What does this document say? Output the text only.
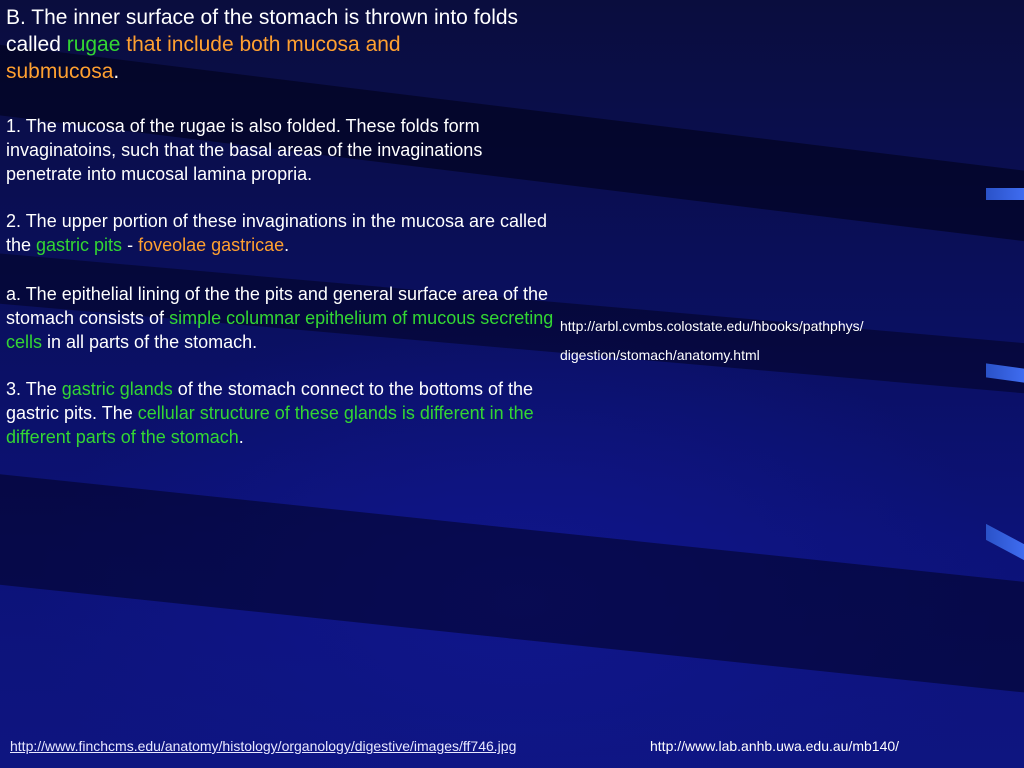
B. The inner surface of the stomach is thrown into folds called rugae that include both mucosa and
submucosa.
1. The mucosa of the rugae is also folded. These folds form invaginatoins, such that the basal areas of the invaginations penetrate into mucosal lamina propria.
2. The upper portion of these invaginations in the mucosa are called the gastric pits - foveolae gastricae.
a. The epithelial lining of the the pits and general surface area of the stomach consists of simple columnar epithelium of mucous secreting cells in all parts of the stomach.
3. The gastric glands of the stomach connect to the bottoms of the gastric pits. The cellular structure of these glands is different in the different parts of the stomach.
http://arbl.cvmbs.colostate.edu/hbooks/pathphys/
digestion/stomach/anatomy.html
http://www.finchcms.edu/anatomy/histology/organology/digestive/images/ff746.jpg	http://www.lab.anhb.uwa.edu.au/mb140/
